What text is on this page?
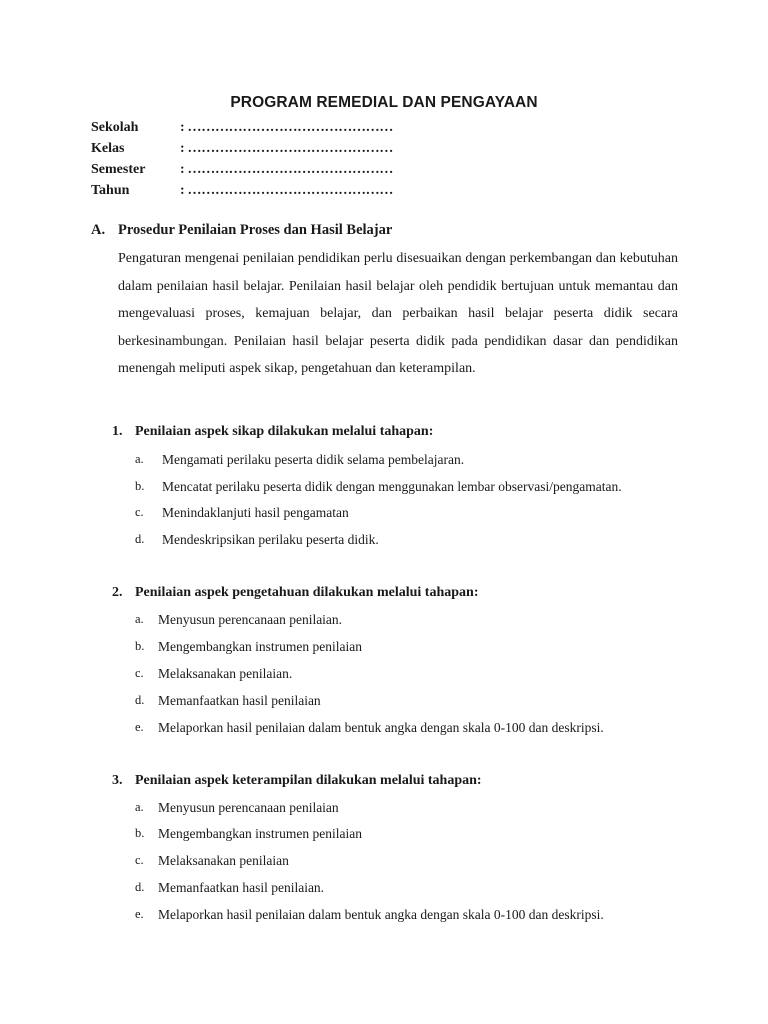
PROGRAM REMEDIAL DAN PENGAYAAN
Sekolah	: ………………………………………
Kelas	: ………………………………………
Semester : ………………………………………
Tahun	: ………………………………………
A. Prosedur Penilaian Proses dan Hasil Belajar

Pengaturan mengenai penilaian pendidikan perlu disesuaikan dengan perkembangan dan kebutuhan dalam penilaian hasil belajar. Penilaian hasil belajar oleh pendidik bertujuan untuk memantau dan mengevaluasi proses, kemajuan belajar, dan perbaikan hasil belajar peserta didik secara berkesinambungan. Penilaian hasil belajar peserta didik pada pendidikan dasar dan pendidikan menengah meliputi aspek sikap, pengetahuan dan keterampilan.

1. Penilaian aspek sikap dilakukan melalui tahapan:
a. Mengamati perilaku peserta didik selama pembelajaran.
b. Mencatat perilaku peserta didik dengan menggunakan lembar observasi/pengamatan.
c. Menindaklanjuti hasil pengamatan
d. Mendeskripsikan perilaku peserta didik.
2. Penilaian aspek pengetahuan dilakukan melalui tahapan:
a. Menyusun perencanaan penilaian.
b. Mengembangkan instrumen penilaian
c. Melaksanakan penilaian.
d. Memanfaatkan hasil penilaian
e. Melaporkan hasil penilaian dalam bentuk angka dengan skala 0-100 dan deskripsi.
3. Penilaian aspek keterampilan dilakukan melalui tahapan:
a. Menyusun perencanaan penilaian
b. Mengembangkan instrumen penilaian
c. Melaksanakan penilaian
d. Memanfaatkan hasil penilaian.
e. Melaporkan hasil penilaian dalam bentuk angka dengan skala 0-100 dan deskripsi.
